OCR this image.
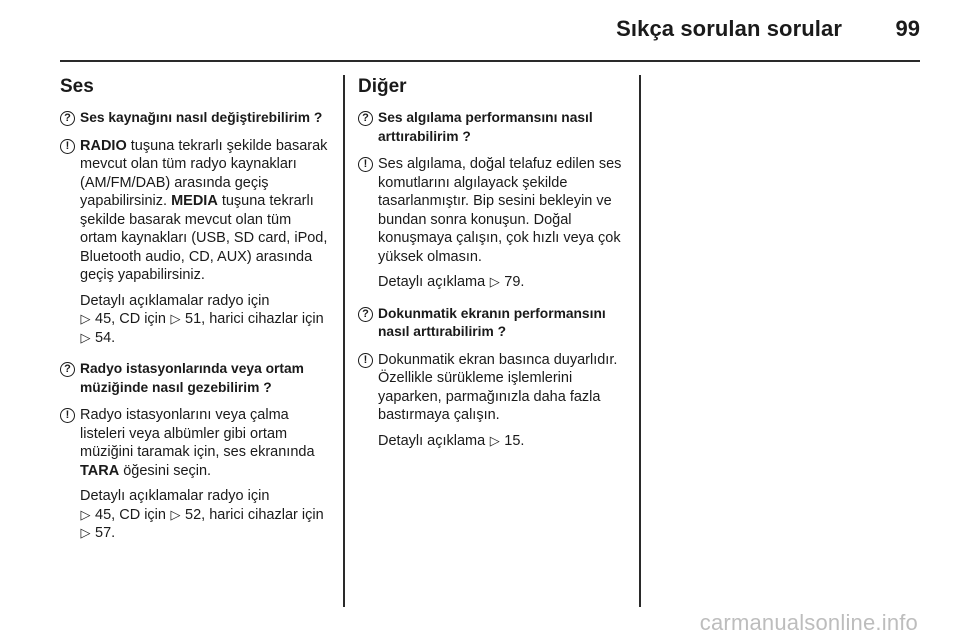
Sıkça sorulan sorular 99
Ses
? Ses kaynağını nasıl değiştirebilirim ?

! RADIO tuşuna tekrarlı şekilde basarak mevcut olan tüm radyo kaynakları (AM/FM/DAB) arasında geçiş yapabilirsiniz. MEDIA tuşuna tekrarlı şekilde basarak mevcut olan tüm ortam kaynakları (USB, SD card, iPod, Bluetooth audio, CD, AUX) arasında geçiş yapabilirsiniz.

Detaylı açıklamalar radyo için
▷ 45, CD için ▷ 51, harici cihazlar için ▷ 54.

? Radyo istasyonlarında veya ortam müziğinde nasıl gezebilirim ?

! Radyo istasyonlarını veya çalma listeleri veya albümler gibi ortam müziğini taramak için, ses ekranında TARA öğesini seçin.

Detaylı açıklamalar radyo için
▷ 45, CD için ▷ 52, harici cihazlar için ▷ 57.

Diğer
? Ses algılama performansını nasıl arttırabilirim ?

! Ses algılama, doğal telafuz edilen ses komutlarını algılayack şekilde tasarlanmıştır. Bip sesini bekleyin ve bundan sonra konuşun. Doğal konuşmaya çalışın, çok hızlı veya çok yüksek olmasın.

Detaylı açıklama ▷ 79.

? Dokunmatik ekranın performansını nasıl arttırabilirim ?

! Dokunmatik ekran basınca duyarlıdır. Özellikle sürükleme işlemlerini yaparken, parmağınızla daha fazla bastırmaya çalışın.

Detaylı açıklama ▷ 15.

carmanualsonline.info
